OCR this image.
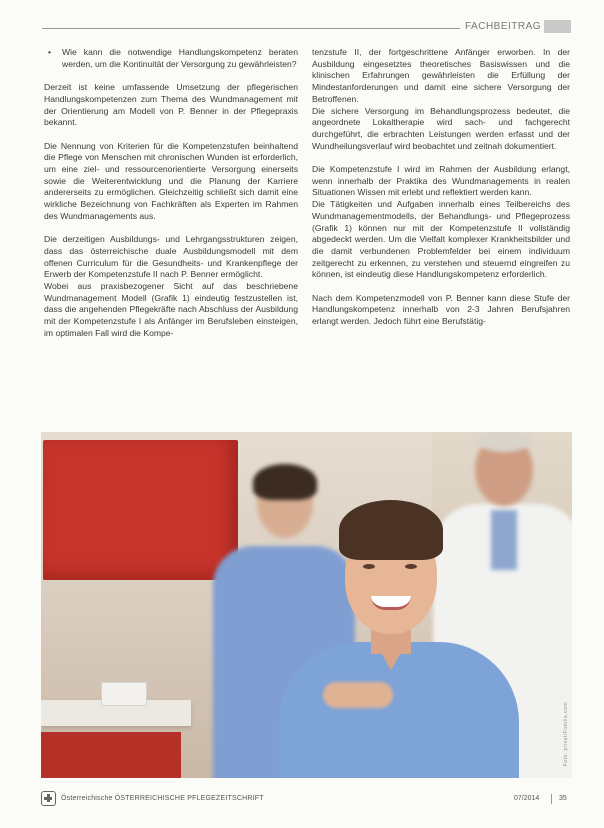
FACHBEITRAG

• Wie kann die notwendige Handlungskompetenz beraten werden, um die Kontinuität der Versorgung zu gewährleisten?

Derzeit ist keine umfassende Umsetzung der pflegerischen Handlungskompetenzen zum Thema des Wundmanagement mit der Orientierung am Modell von P. Benner in der Pflegepraxis bekannt.

Die Nennung von Kriterien für die Kompetenzstufen beinhaltend die Pflege von Menschen mit chronischen Wunden ist erforderlich, um eine ziel- und ressourcenorientierte Versorgung einerseits sowie die Weiterentwicklung und die Planung der Karriere andererseits zu ermöglichen. Gleichzeitig schließt sich damit eine wirkliche Bezeichnung von Fachkräften als Experten im Rahmen des Wundmanagements aus.

Die derzeitigen Ausbildungs- und Lehrgangsstrukturen zeigen, dass das österreichische duale Ausbildungsmodell mit dem offenen Curriculum für die Gesundheits- und Krankenpflege der Erwerb der Kompetenzstufe II nach P. Benner ermöglicht.

Wobei aus praxisbezogener Sicht auf das beschriebene Wundmanagement Modell (Grafik 1) eindeutig festzustellen ist, dass die angehenden Pflegekräfte nach Abschluss der Ausbildung mit der Kompetenzstufe I als Anfänger im Berufsleben einsteigen, im optimalen Fall wird die Kompe-

tenzstufe II, der fortgeschrittene Anfänger erworben. In der Ausbildung eingesetztes theoretisches Basiswissen und die klinischen Erfahrungen gewährleisten die Erfüllung der Mindestanforderungen und damit eine sichere Versorgung der Betroffenen.

Die sichere Versorgung im Behandlungsprozess bedeutet, die angeordnete Lokaltherapie wird sach- und fachgerecht durchgeführt, die erbrachten Leistungen werden erfasst und der Wundheilungsverlauf wird beobachtet und zeitnah dokumentiert.

Die Kompetenzstufe I wird im Rahmen der Ausbildung erlangt, wenn innerhalb der Praktika des Wundmanagements in realen Situationen Wissen mit erlebt und reflektiert werden kann.

Die Tätigkeiten und Aufgaben innerhalb eines Teilbereichs des Wundmanagementmodells, der Behandlungs- und Pflegeprozess (Grafik 1) können nur mit der Kompetenzstufe II vollständig abgedeckt werden. Um die Vielfalt komplexer Krankheitsbilder und die damit verbundenen Problemfelder bei einem individuum zeitgerecht zu erkennen, zu verstehen und steuernd eingreifen zu können, ist eindeutig diese Handlungskompetenz erforderlich.

Nach dem Kompetenzmodell von P. Benner kann diese Stufe der Handlungskompetenz innerhalb von 2-3 Jahren Berufsjahren erlangt werden. Jedoch führt eine Berufstätig-

Foto: privat/Fotolia.com
Österreichische ÖSTERREICHISCHE PFLEGEZEITSCHRIFT	07/2014	35
